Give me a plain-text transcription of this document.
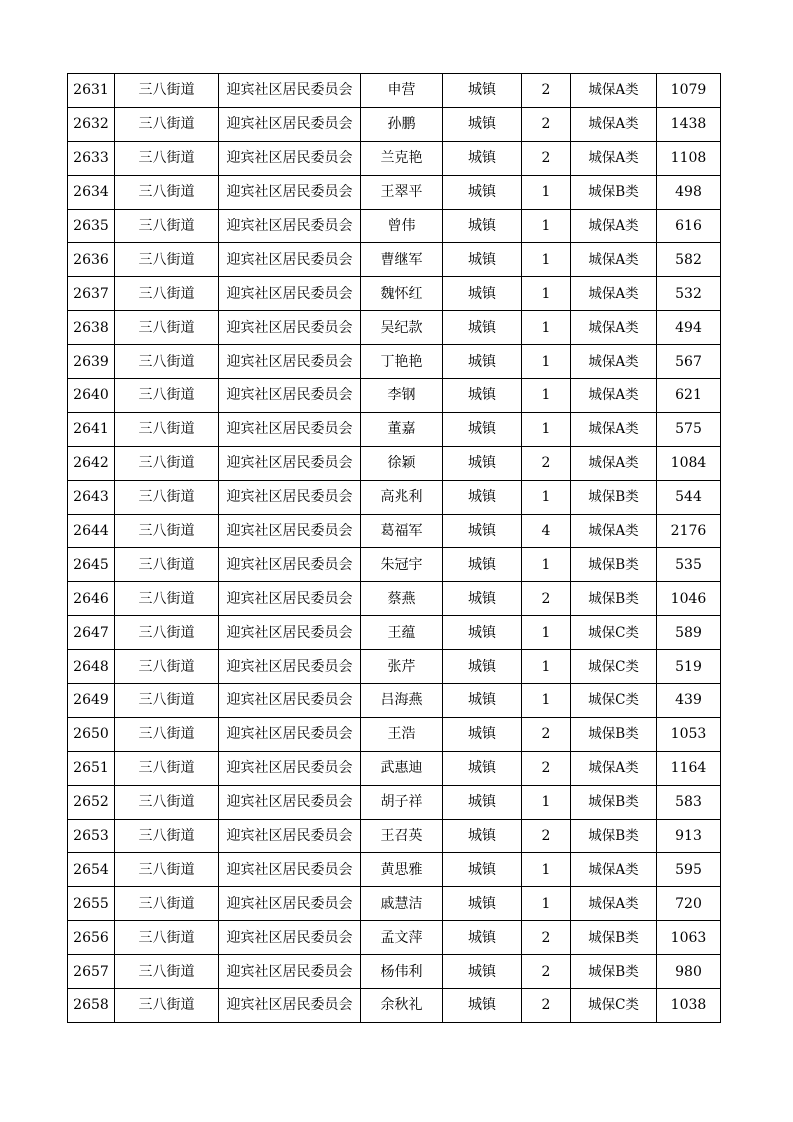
2631	三八街道	迎宾社区居民委员会	申营	城镇	2	城保A类	1079
2632	三八街道	迎宾社区居民委员会	孙鹏	城镇	2	城保A类	1438
2633	三八街道	迎宾社区居民委员会	兰克艳	城镇	2	城保A类	1108
2634	三八街道	迎宾社区居民委员会	王翠平	城镇	1	城保B类	498
2635	三八街道	迎宾社区居民委员会	曾伟	城镇	1	城保A类	616
2636	三八街道	迎宾社区居民委员会	曹继军	城镇	1	城保A类	582
2637	三八街道	迎宾社区居民委员会	魏怀红	城镇	1	城保A类	532
2638	三八街道	迎宾社区居民委员会	吴纪款	城镇	1	城保A类	494
2639	三八街道	迎宾社区居民委员会	丁艳艳	城镇	1	城保A类	567
2640	三八街道	迎宾社区居民委员会	李钢	城镇	1	城保A类	621
2641	三八街道	迎宾社区居民委员会	董嘉	城镇	1	城保A类	575
2642	三八街道	迎宾社区居民委员会	徐颖	城镇	2	城保A类	1084
2643	三八街道	迎宾社区居民委员会	高兆利	城镇	1	城保B类	544
2644	三八街道	迎宾社区居民委员会	葛福军	城镇	4	城保A类	2176
2645	三八街道	迎宾社区居民委员会	朱冠宇	城镇	1	城保B类	535
2646	三八街道	迎宾社区居民委员会	蔡燕	城镇	2	城保B类	1046
2647	三八街道	迎宾社区居民委员会	王蕴	城镇	1	城保C类	589
2648	三八街道	迎宾社区居民委员会	张芹	城镇	1	城保C类	519
2649	三八街道	迎宾社区居民委员会	吕海燕	城镇	1	城保C类	439
2650	三八街道	迎宾社区居民委员会	王浩	城镇	2	城保B类	1053
2651	三八街道	迎宾社区居民委员会	武惠迪	城镇	2	城保A类	1164
2652	三八街道	迎宾社区居民委员会	胡子祥	城镇	1	城保B类	583
2653	三八街道	迎宾社区居民委员会	王召英	城镇	2	城保B类	913
2654	三八街道	迎宾社区居民委员会	黄思雅	城镇	1	城保A类	595
2655	三八街道	迎宾社区居民委员会	戚慧洁	城镇	1	城保A类	720
2656	三八街道	迎宾社区居民委员会	孟文萍	城镇	2	城保B类	1063
2657	三八街道	迎宾社区居民委员会	杨伟利	城镇	2	城保B类	980
2658	三八街道	迎宾社区居民委员会	余秋礼	城镇	2	城保C类	1038
